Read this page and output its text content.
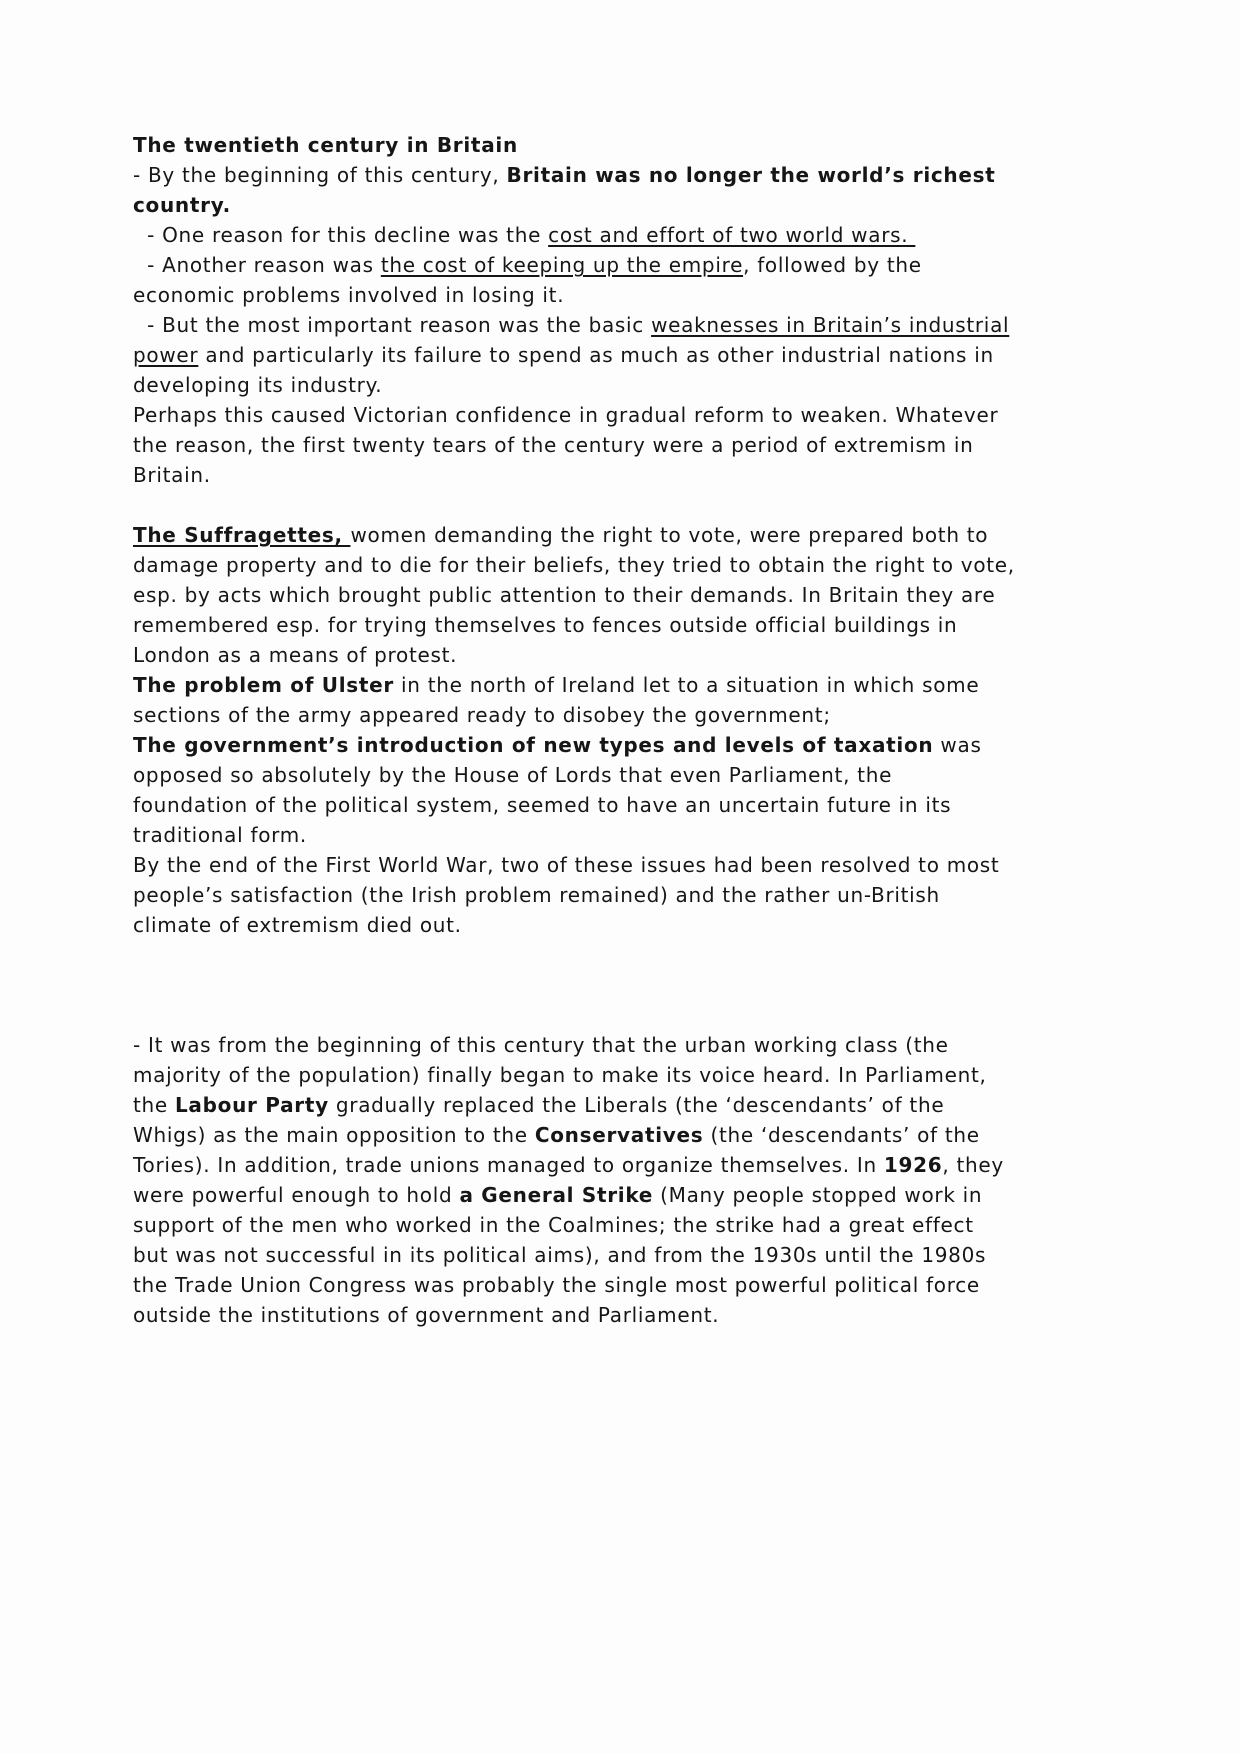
The twentieth century in Britain
- By the beginning of this century, Britain was no longer the world’s richest
country.
- One reason for this decline was the cost and effort of two world wars.
- Another reason was the cost of keeping up the empire, followed by the
economic problems involved in losing it.
- But the most important reason was the basic weaknesses in Britain’s industrial
power and particularly its failure to spend as much as other industrial nations in
developing its industry.
Perhaps this caused Victorian confidence in gradual reform to weaken. Whatever
the reason, the first twenty tears of the century were a period of extremism in
Britain.
The Suffragettes, women demanding the right to vote, were prepared both to
damage property and to die for their beliefs, they tried to obtain the right to vote,
esp. by acts which brought public attention to their demands. In Britain they are
remembered esp. for trying themselves to fences outside official buildings in
London as a means of protest.
The problem of Ulster in the north of Ireland let to a situation in which some
sections of the army appeared ready to disobey the government;
The government’s introduction of new types and levels of taxation was
opposed so absolutely by the House of Lords that even Parliament, the
foundation of the political system, seemed to have an uncertain future in its
traditional form.
By the end of the First World War, two of these issues had been resolved to most
people’s satisfaction (the Irish problem remained) and the rather un-British
climate of extremism died out.
- It was from the beginning of this century that the urban working class (the
majority of the population) finally began to make its voice heard. In Parliament,
the Labour Party gradually replaced the Liberals (the ‘descendants’ of the
Whigs) as the main opposition to the Conservatives (the ‘descendants’ of the
Tories). In addition, trade unions managed to organize themselves. In 1926, they
were powerful enough to hold a General Strike (Many people stopped work in
support of the men who worked in the Coalmines; the strike had a great effect
but was not successful in its political aims), and from the 1930s until the 1980s
the Trade Union Congress was probably the single most powerful political force
outside the institutions of government and Parliament.
